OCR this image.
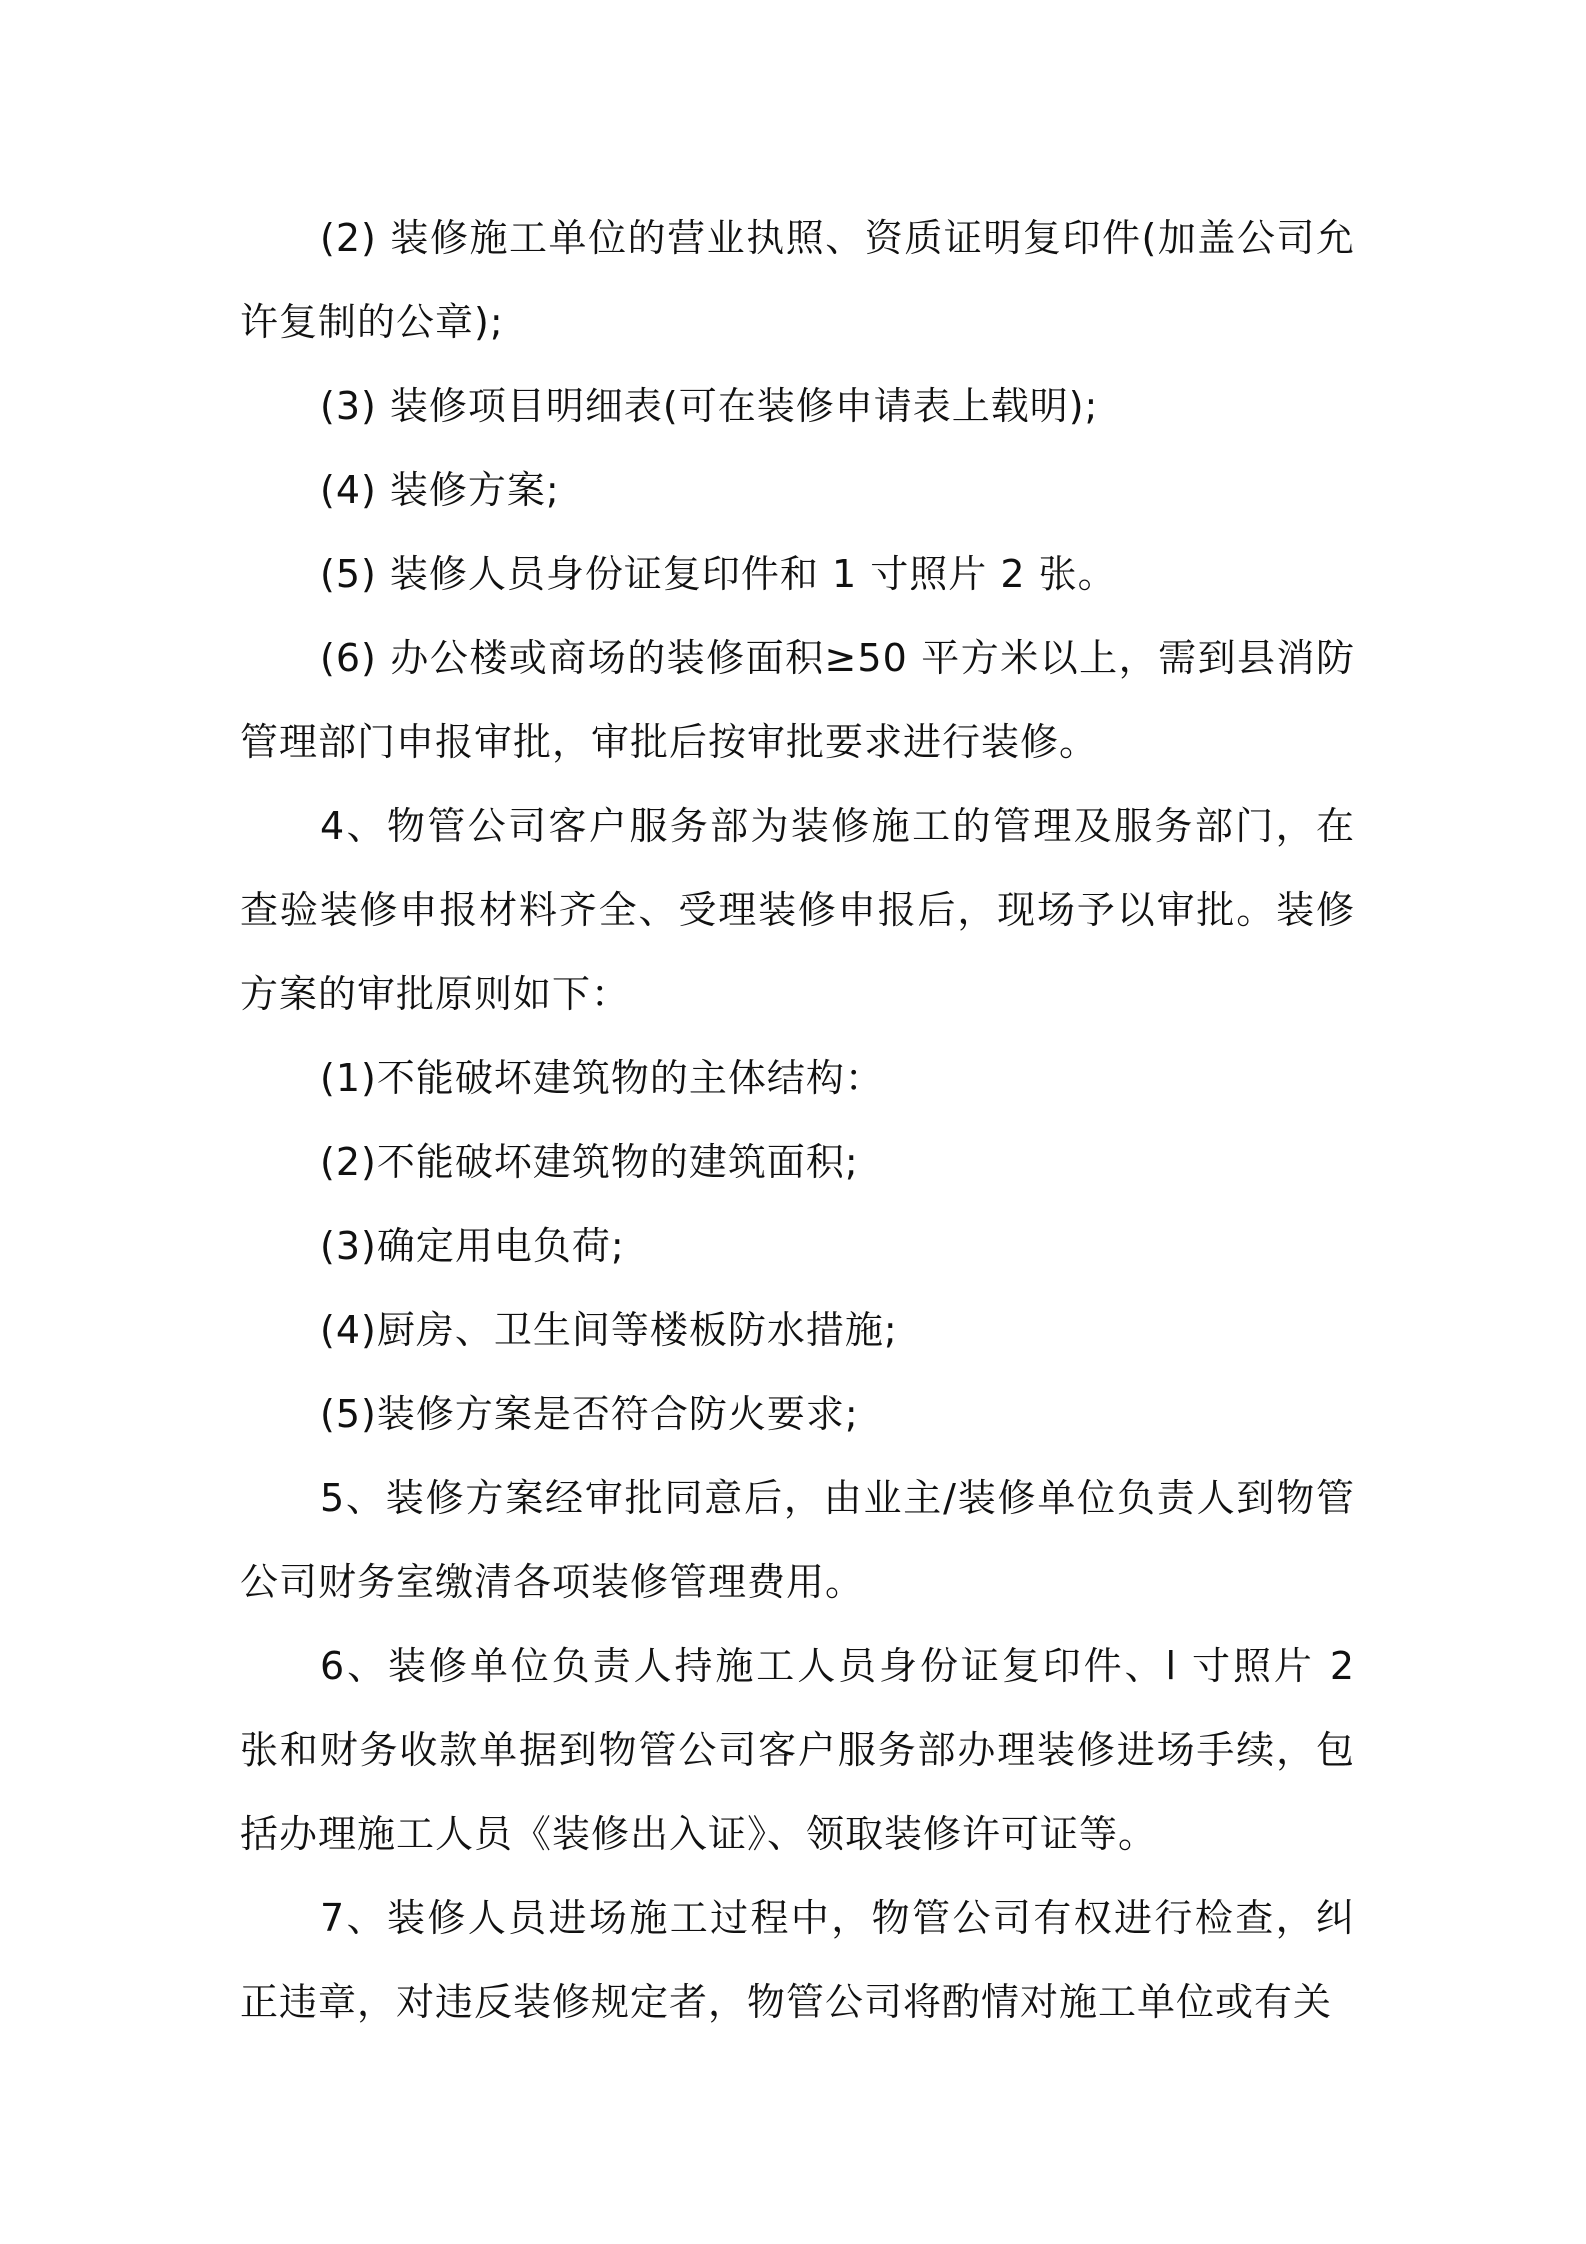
(2) 装修施工单位的营业执照、资质证明复印件(加盖公司允许复制的公章);

(3) 装修项目明细表(可在装修申请表上载明);

(4) 装修方案;

(5) 装修人员身份证复印件和 1 寸照片 2 张。

(6) 办公楼或商场的装修面积≥50 平方米以上，需到县消防管理部门申报审批，审批后按审批要求进行装修。

4、物管公司客户服务部为装修施工的管理及服务部门，在查验装修申报材料齐全、受理装修申报后，现场予以审批。装修方案的审批原则如下：

(1)不能破坏建筑物的主体结构：

(2)不能破坏建筑物的建筑面积;

(3)确定用电负荷;

(4)厨房、卫生间等楼板防水措施;

(5)装修方案是否符合防火要求;

5、装修方案经审批同意后，由业主/装修单位负责人到物管公司财务室缴清各项装修管理费用。

6、装修单位负责人持施工人员身份证复印件、l 寸照片 2 张和财务收款单据到物管公司客户服务部办理装修进场手续，包括办理施工人员《装修出入证》、领取装修许可证等。

7、装修人员进场施工过程中，物管公司有权进行检查，纠正违章，对违反装修规定者，物管公司将酌情对施工单位或有关
